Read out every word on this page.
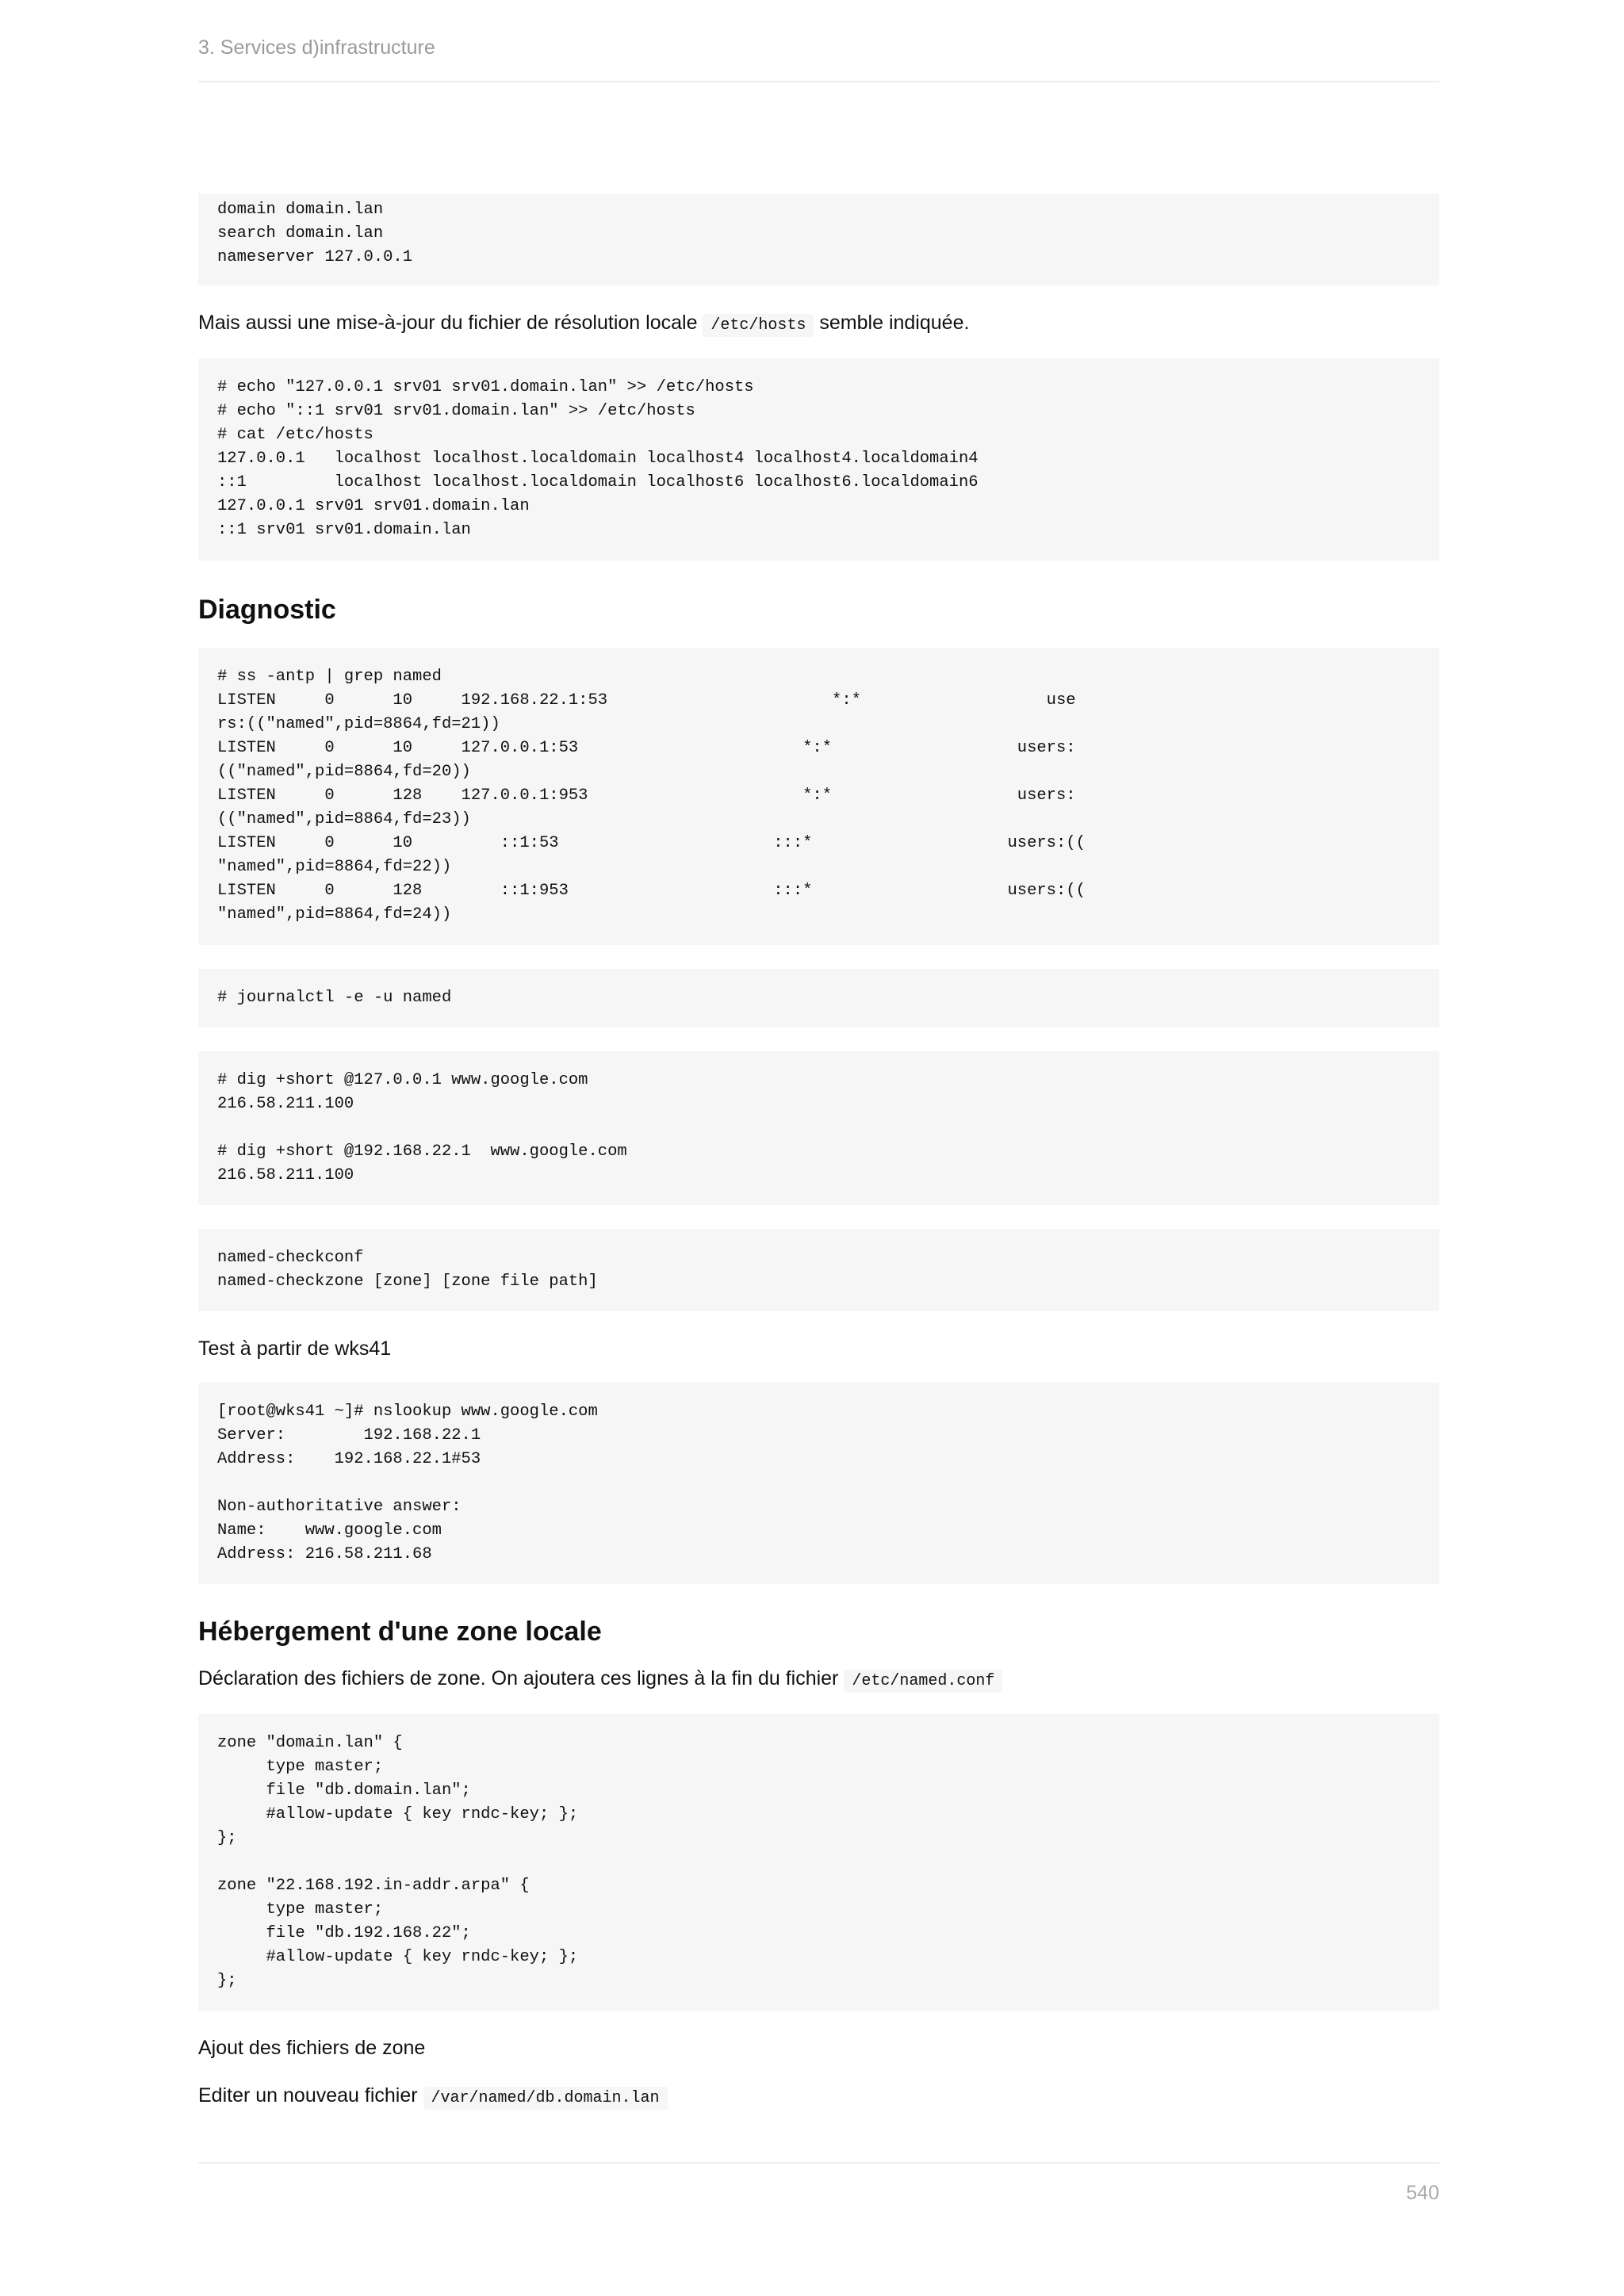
3. Services d)infrastructure
domain domain.lan
search domain.lan
nameserver 127.0.0.1

Mais aussi une mise-à-jour du fichier de résolution locale /etc/hosts semble indiquée.

# echo "127.0.0.1 srv01 srv01.domain.lan" >> /etc/hosts
# echo "::1 srv01 srv01.domain.lan" >> /etc/hosts
# cat /etc/hosts
127.0.0.1   localhost localhost.localdomain localhost4 localhost4.localdomain4
::1         localhost localhost.localdomain localhost6 localhost6.localdomain6
127.0.0.1 srv01 srv01.domain.lan
::1 srv01 srv01.domain.lan
Diagnostic
# ss -antp | grep named
LISTEN     0      10     192.168.22.1:53                       *:*                   use
rs:(("named",pid=8864,fd=21))
LISTEN     0      10     127.0.0.1:53                       *:*                   users:
(("named",pid=8864,fd=20))
LISTEN     0      128    127.0.0.1:953                      *:*                   users:
(("named",pid=8864,fd=23))
LISTEN     0      10         ::1:53                      :::*                    users:((
"named",pid=8864,fd=22))
LISTEN     0      128        ::1:953                     :::*                    users:((
"named",pid=8864,fd=24))
# journalctl -e -u named
# dig +short @127.0.0.1 www.google.com
216.58.211.100

# dig +short @192.168.22.1  www.google.com
216.58.211.100
named-checkconf
named-checkzone [zone] [zone file path]

Test à partir de wks41

[root@wks41 ~]# nslookup www.google.com
Server:        192.168.22.1
Address:    192.168.22.1#53

Non-authoritative answer:
Name:    www.google.com
Address: 216.58.211.68
Hébergement d'une zone locale

Déclaration des fichiers de zone. On ajoutera ces lignes à la fin du fichier /etc/named.conf

zone "domain.lan" {
type master;
file "db.domain.lan";
#allow-update { key rndc-key; };
};

zone "22.168.192.in-addr.arpa" {
type master;
file "db.192.168.22";
#allow-update { key rndc-key; };
};

Ajout des fichiers de zone

Editer un nouveau fichier /var/named/db.domain.lan

540
